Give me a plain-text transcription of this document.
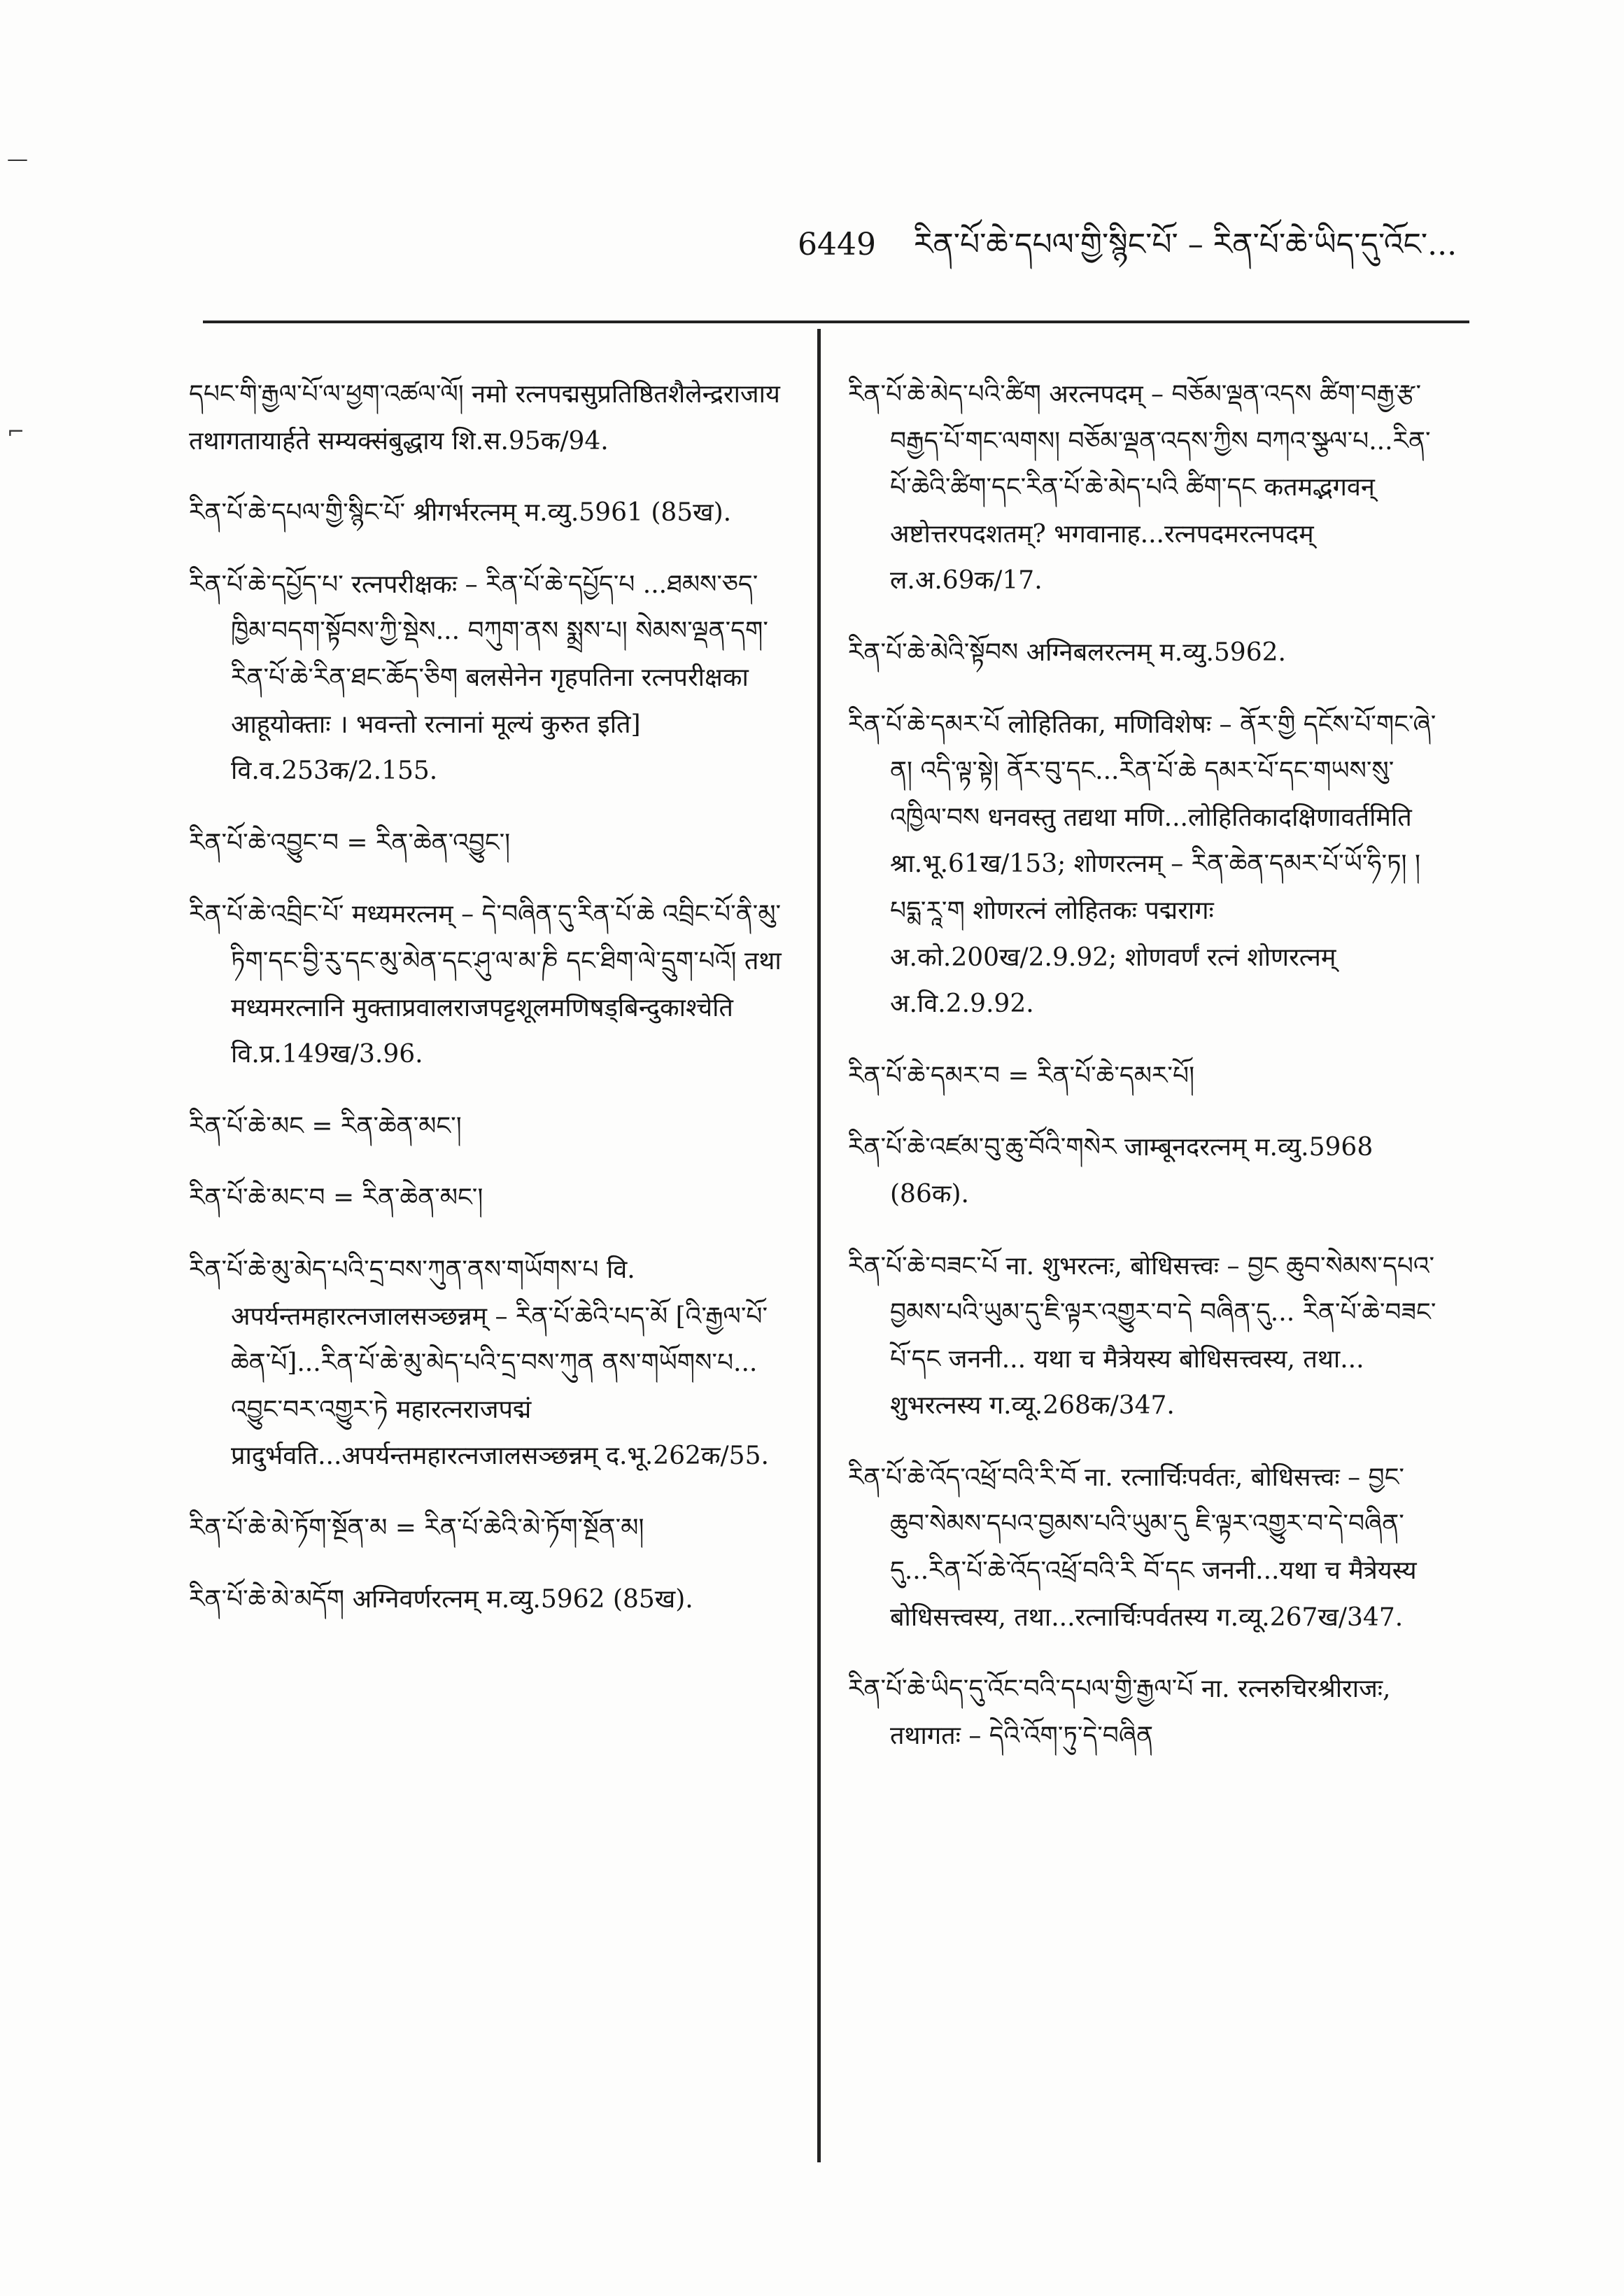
6449 རིན་པོ་ཆེ་དཔལ་གྱི་སྙིང་པོ་ – རིན་པོ་ཆེ་ཡིད་དུ་འོང་...
—
⌐

དཔང་གི་རྒྱལ་པོ་ལ་ཕྱག་འཚལ་ལོ། नमो रत्नपद्मसुप्रतिष्ठितशैलेन्द्रराजाय तथागतायार्हते सम्यक्संबुद्धाय शि.स.95क/94.

རིན་པོ་ཆེ་དཔལ་གྱི་སྙིང་པོ་ श्रीगर्भरत्नम् म.व्यु.5961 (85ख).

རིན་པོ་ཆེ་དཔྱོད་པ་ रत्नपरीक्षकः – རིན་པོ་ཆེ་དཔྱོད་པ ...ཐམས་ཅད་ཁྱིམ་བདག་སྟོབས་ཀྱི་སྡེས... བཀུག་ནས སྨྲས་པ། སེམས་ལྡན་དག་རིན་པོ་ཆེ་རིན་ཐང་ཆོད་ཅིག बलसेनेन गृहपतिना रत्नपरीक्षका आहूयोक्ताः । भवन्तो रत्नानां मूल्यं कुरुत इति] वि.व.253क/2.155.

རིན་པོ་ཆེ་འབྱུང་བ = རིན་ཆེན་འབྱུང་།

རིན་པོ་ཆེ་འབྲིང་པོ་ मध्यमरत्नम् – དེ་བཞིན་དུ་རིན་པོ་ཆེ འབྲིང་པོ་ནི་མུ་ཏིག་དང་བྱི་རུ་དང་མུ་མེན་དང་ཤུ་ལ་མ་ཎི དང་ཐིག་ལེ་དྲུག་པའོ། तथा मध्यमरत्नानि मुक्ताप्रवालराजपट्टशूलमणिषड्बिन्दुकाश्चेति वि.प्र.149ख/3.96.

རིན་པོ་ཆེ་མང = རིན་ཆེན་མང་།

རིན་པོ་ཆེ་མང་བ = རིན་ཆེན་མང་།

རིན་པོ་ཆེ་མུ་མེད་པའི་དྲ་བས་ཀུན་ནས་གཡོགས་པ वि. अपर्यन्तमहारत्नजालसञ्छन्नम् – རིན་པོ་ཆེའི་པད་མོ [འི་རྒྱལ་པོ་ཆེན་པོ]...རིན་པོ་ཆེ་མུ་མེད་པའི་དྲ་བས་ཀུན ནས་གཡོགས་པ... འབྱུང་བར་འགྱུར་ཏེ महारत्नराजपद्मं प्रादुर्भवति...अपर्यन्तमहारत्नजालसञ्छन्नम् द.भू.262क/55.

རིན་པོ་ཆེ་མེ་ཏོག་སྔོན་མ = རིན་པོ་ཆེའི་མེ་ཏོག་སྔོན་མ།

རིན་པོ་ཆེ་མེ་མདོག अग्निवर्णरत्नम् म.व्यु.5962 (85ख).

རིན་པོ་ཆེ་མེད་པའི་ཚིག अरत्नपदम् – བཅོམ་ལྡན་འདས ཚིག་བརྒྱ་རྩ་བརྒྱད་པོ་གང་ལགས། བཅོམ་ལྡན་འདས་ཀྱིས བཀའ་སྩལ་པ...རིན་པོ་ཆེའི་ཚིག་དང་རིན་པོ་ཆེ་མེད་པའི ཚིག་དང कतमद्भगवन् अष्टोत्तरपदशतम्? भगवानाह...रत्नपदमरत्नपदम् ल.अ.69क/17.

རིན་པོ་ཆེ་མེའི་སྟོབས अग्निबलरत्नम् म.व्यु.5962.

རིན་པོ་ཆེ་དམར་པོ लोहितिका, मणिविशेषः – ནོར་གྱི དངོས་པོ་གང་ཞེ་ན། འདི་ལྟ་སྟེ། ནོར་བུ་དང...རིན་པོ་ཆེ དམར་པོ་དང་གཡས་སུ་འཁྱིལ་བས धनवस्तु तद्यथा मणि...लोहितिकादक्षिणावर्तमिति श्रा.भू.61ख/153; शोणरत्नम् – རིན་ཆེན་དམར་པོ་ཡོ་ཧི་ཏ། །པདྨ་རཱ་ག शोणरत्नं लोहितकः पद्मरागः अ.को.200ख/2.9.92; शोणवर्णं रत्नं शोणरत्नम् अ.वि.2.9.92.

རིན་པོ་ཆེ་དམར་བ = རིན་པོ་ཆེ་དམར་པོ།

རིན་པོ་ཆེ་འཛམ་བུ་ཆུ་བོའི་གསེར जाम्बूनदरत्नम् म.व्यु.5968 (86क).

རིན་པོ་ཆེ་བཟང་པོ ना. शुभरत्नः, बोधिसत्त्वः – བྱང ཆུབ་སེམས་དཔའ་བྱམས་པའི་ཡུམ་དུ་ཇི་ལྟར་འགྱུར་བ་དེ བཞིན་དུ... རིན་པོ་ཆེ་བཟང་པོ་དང जननी... यथा च मैत्रेयस्य बोधिसत्त्वस्य, तथा... शुभरत्नस्य ग.व्यू.268क/347.

རིན་པོ་ཆེ་འོད་འཕྲོ་བའི་རི་བོ ना. रत्नार्चिःपर्वतः, बोधिसत्त्वः – བྱང་ཆུབ་སེམས་དཔའ་བྱམས་པའི་ཡུམ་དུ ཇི་ལྟར་འགྱུར་བ་དེ་བཞིན་དུ...རིན་པོ་ཆེ་འོད་འཕྲོ་བའི་རི བོ་དང जननी...यथा च मैत्रेयस्य बोधिसत्त्वस्य, तथा...रत्नार्चिःपर्वतस्य ग.व्यू.267ख/347.

རིན་པོ་ཆེ་ཡིད་དུ་འོང་བའི་དཔལ་གྱི་རྒྱལ་པོ ना. रत्नरुचिरश्रीराजः, तथागतः – དེའི་འོག་ཏུ་དེ་བཞིན
